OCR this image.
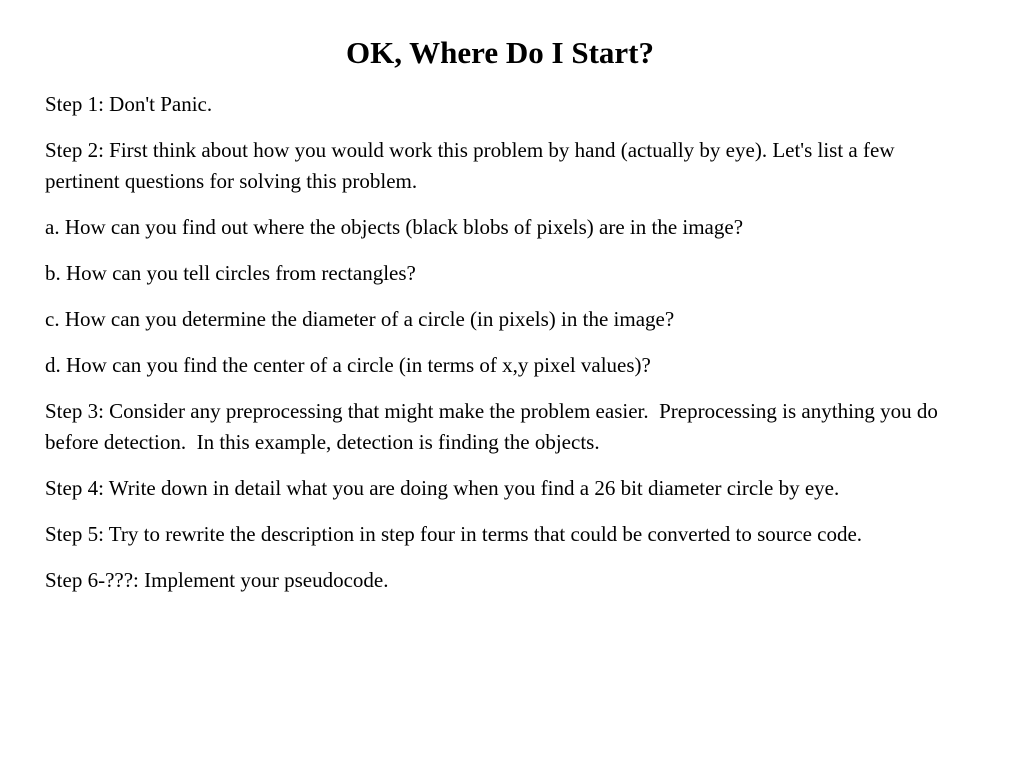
OK, Where Do I Start?

Step 1: Don't Panic.

Step 2: First think about how you would work this problem by hand (actually by eye). Let's list a few pertinent questions for solving this problem.

a. How can you find out where the objects (black blobs of pixels) are in the image?

b. How can you tell circles from rectangles?

c. How can you determine the diameter of a circle (in pixels) in the image?

d. How can you find the center of a circle (in terms of x,y pixel values)?

Step 3: Consider any preprocessing that might make the problem easier.  Preprocessing is anything you do before detection.  In this example, detection is finding the objects.

Step 4: Write down in detail what you are doing when you find a 26 bit diameter circle by eye.

Step 5: Try to rewrite the description in step four in terms that could be converted to source code.

Step 6-???: Implement your pseudocode.
